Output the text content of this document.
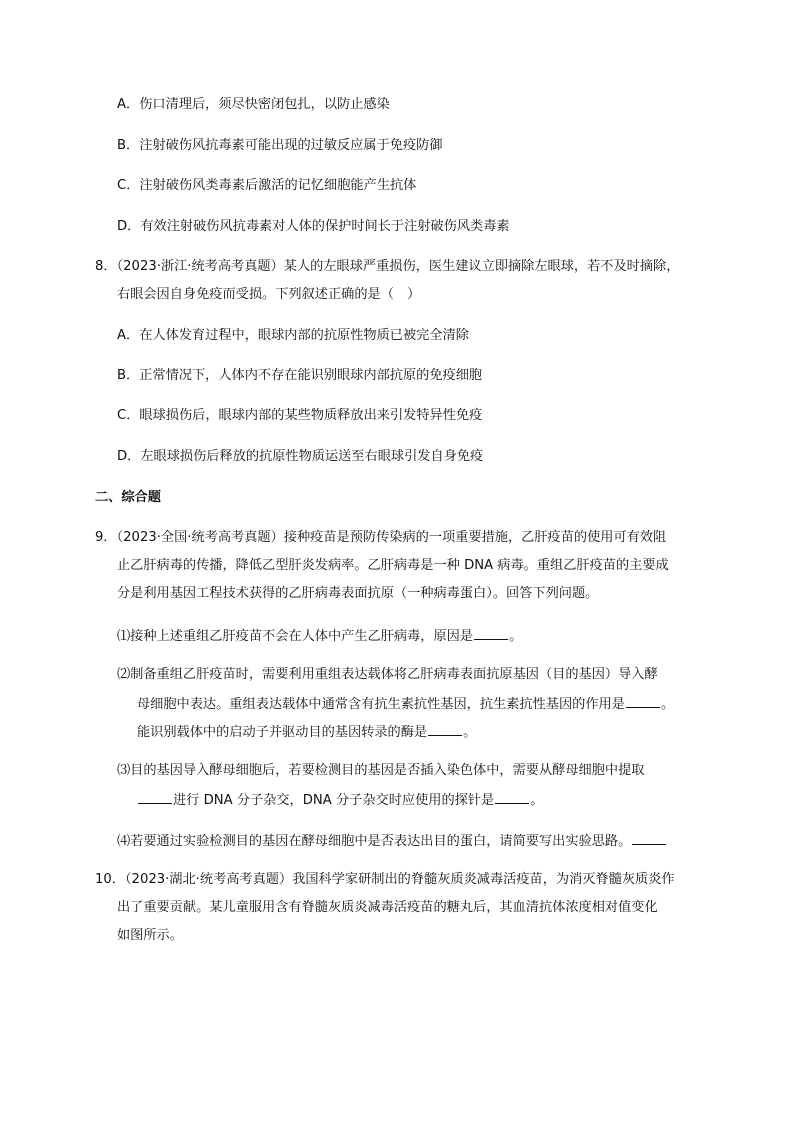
A．伤口清理后，须尽快密闭包扎，以防止感染
B．注射破伤风抗毒素可能出现的过敏反应属于免疫防御
C．注射破伤风类毒素后激活的记忆细胞能产生抗体
D．有效注射破伤风抗毒素对人体的保护时间长于注射破伤风类毒素
8．（2023·浙江·统考高考真题）某人的左眼球严重损伤，医生建议立即摘除左眼球，若不及时摘除，
右眼会因自身免疫而受损。下列叙述正确的是（　）
A．在人体发育过程中，眼球内部的抗原性物质已被完全清除
B．正常情况下，人体内不存在能识别眼球内部抗原的免疫细胞
C．眼球损伤后，眼球内部的某些物质释放出来引发特异性免疫
D．左眼球损伤后释放的抗原性物质运送至右眼球引发自身免疫
二、综合题
9．（2023·全国·统考高考真题）接种疫苗是预防传染病的一项重要措施，乙肝疫苗的使用可有效阻
止乙肝病毒的传播，降低乙型肝炎发病率。乙肝病毒是一种 DNA 病毒。重组乙肝疫苗的主要成
分是利用基因工程技术获得的乙肝病毒表面抗原（一种病毒蛋白）。回答下列问题。
⑴接种上述重组乙肝疫苗不会在人体中产生乙肝病毒，原因是	。
⑵制备重组乙肝疫苗时，需要利用重组表达载体将乙肝病毒表面抗原基因（目的基因）导入酵
母细胞中表达。重组表达载体中通常含有抗生素抗性基因，抗生素抗性基因的作用是	。
能识别载体中的启动子并驱动目的基因转录的酶是	。
⑶目的基因导入酵母细胞后，若要检测目的基因是否插入染色体中，需要从酵母细胞中提取
进行 DNA 分子杂交，DNA 分子杂交时应使用的探针是	。
⑷若要通过实验检测目的基因在酵母细胞中是否表达出目的蛋白，请简要写出实验思路。
10．（2023·湖北·统考高考真题）我国科学家研制出的脊髓灰质炎减毒活疫苗，为消灭脊髓灰质炎作
出了重要贡献。某儿童服用含有脊髓灰质炎减毒活疫苗的糖丸后，其血清抗体浓度相对值变化
如图所示。
